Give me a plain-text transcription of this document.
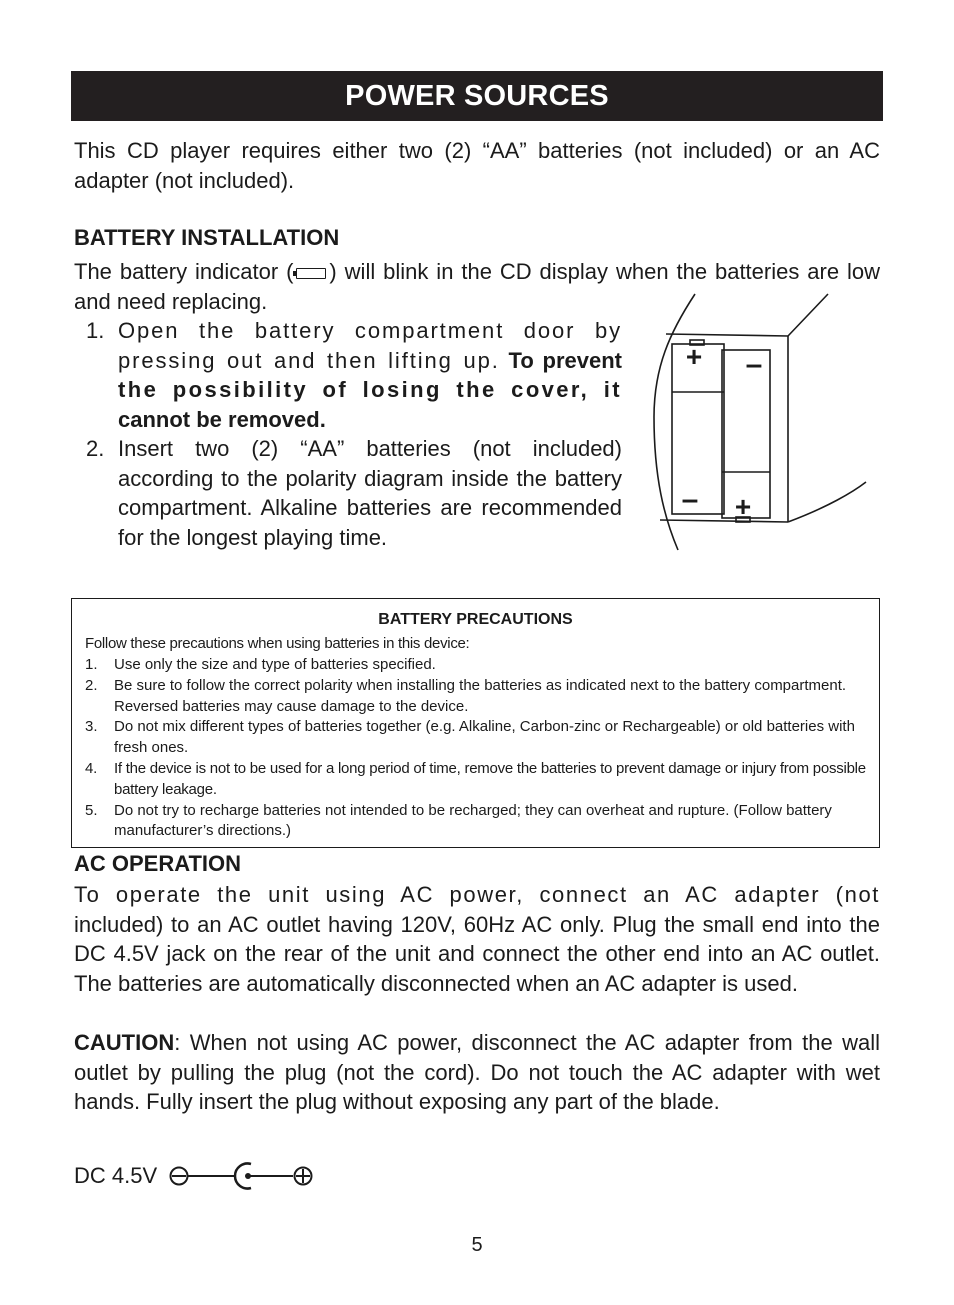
POWER SOURCES

This CD player requires either two (2) “AA” batteries (not included) or an AC adapter (not included).

BATTERY INSTALLATION

The battery indicator ( ) will blink in the CD display when the batteries are low and need replacing.

1. Open the battery compartment door by pressing out and then lifting up. To prevent the possibility of losing the cover, it cannot be removed.
2. Insert two (2) “AA” batteries (not included) according to the polarity diagram inside the battery compartment. Alkaline batteries are recommended for the longest playing time.
+ –
– +
BATTERY PRECAUTIONS
Follow these precautions when using batteries in this device:
1. Use only the size and type of batteries specified.
2. Be sure to follow the correct polarity when installing the batteries as indicated next to the battery compartment. Reversed batteries may cause damage to the device.
3. Do not mix different types of batteries together (e.g. Alkaline, Carbon-zinc or Rechargeable) or old batteries with fresh ones.
4. If the device is not to be used for a long period of time, remove the batteries to prevent damage or injury from possible battery leakage.
5. Do not try to recharge batteries not intended to be recharged; they can overheat and rupture. (Follow battery manufacturer’s directions.)
AC OPERATION

To operate the unit using AC power, connect an AC adapter (not included) to an AC outlet having 120V, 60Hz AC only. Plug the small end into the DC 4.5V jack on the rear of the unit and connect the other end into an AC outlet. The batteries are automatically disconnected when an AC adapter is used.

CAUTION: When not using AC power, disconnect the AC adapter from the wall outlet by pulling the plug (not the cord). Do not touch the AC adapter with wet hands. Fully insert the plug without exposing any part of the blade.

DC 4.5V
5
